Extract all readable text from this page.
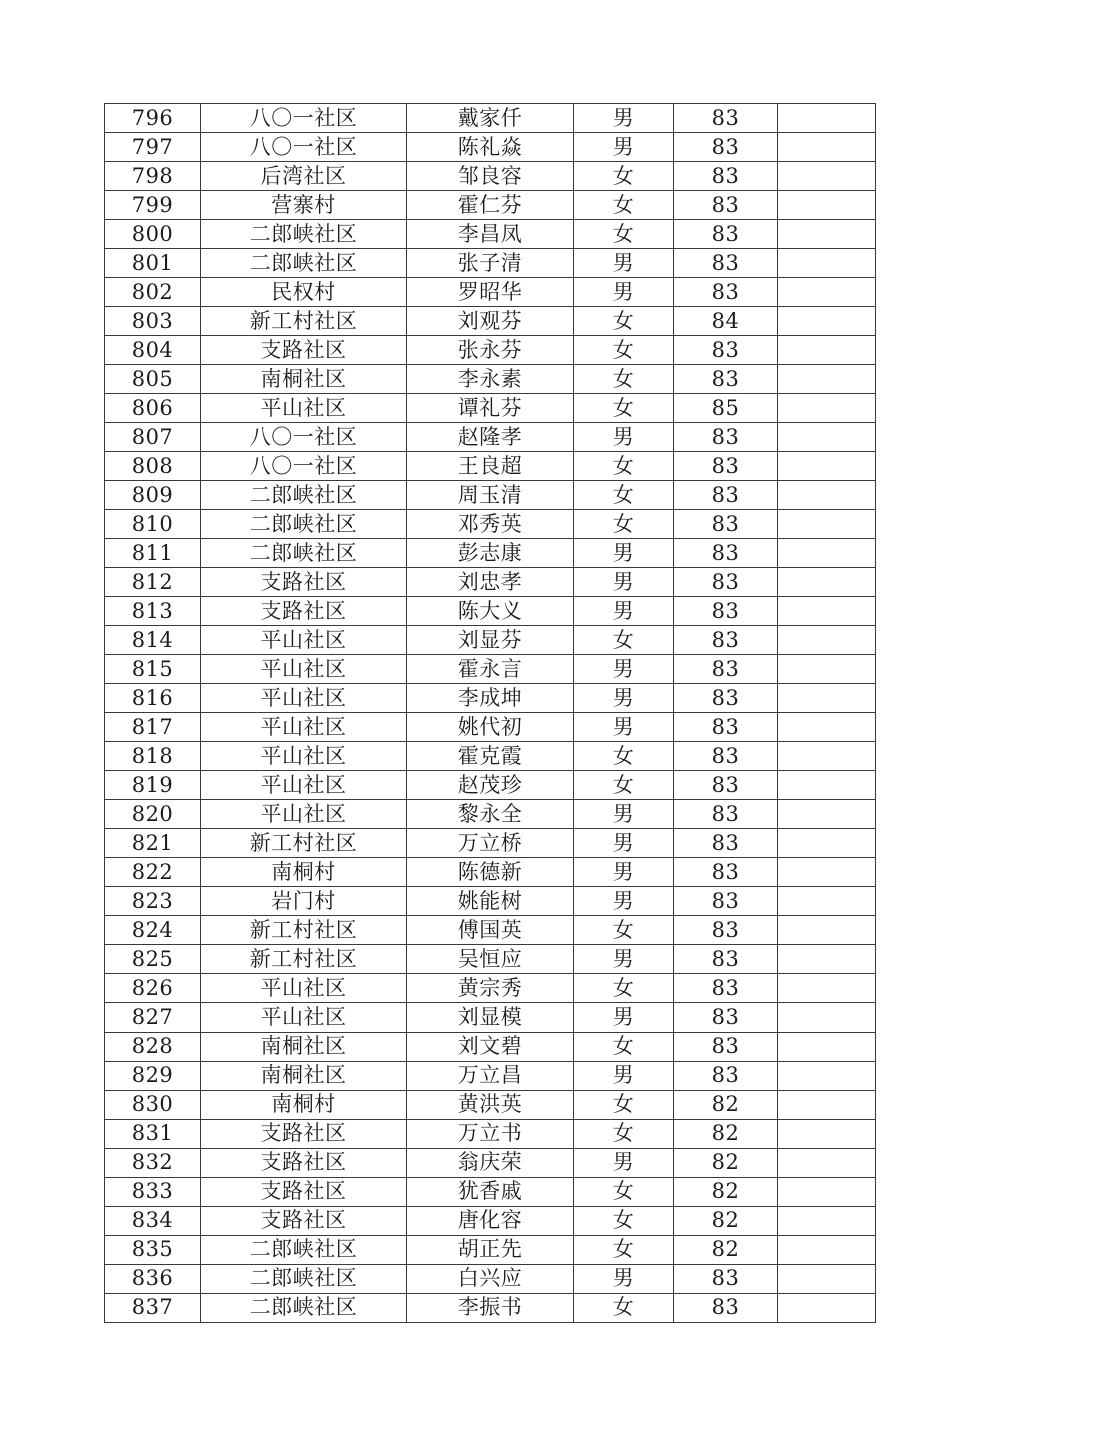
796	八〇一社区	戴家仟	男	83	
797	八〇一社区	陈礼焱	男	83	
798	后湾社区	邹良容	女	83	
799	营寨村	霍仁芬	女	83	
800	二郎峡社区	李昌凤	女	83	
801	二郎峡社区	张子清	男	83	
802	民权村	罗昭华	男	83	
803	新工村社区	刘观芬	女	84	
804	支路社区	张永芬	女	83	
805	南桐社区	李永素	女	83	
806	平山社区	谭礼芬	女	85	
807	八〇一社区	赵隆孝	男	83	
808	八〇一社区	王良超	女	83	
809	二郎峡社区	周玉清	女	83	
810	二郎峡社区	邓秀英	女	83	
811	二郎峡社区	彭志康	男	83	
812	支路社区	刘忠孝	男	83	
813	支路社区	陈大义	男	83	
814	平山社区	刘显芬	女	83	
815	平山社区	霍永言	男	83	
816	平山社区	李成坤	男	83	
817	平山社区	姚代初	男	83	
818	平山社区	霍克霞	女	83	
819	平山社区	赵茂珍	女	83	
820	平山社区	黎永全	男	83	
821	新工村社区	万立桥	男	83	
822	南桐村	陈德新	男	83	
823	岩门村	姚能树	男	83	
824	新工村社区	傅国英	女	83	
825	新工村社区	吴恒应	男	83	
826	平山社区	黄宗秀	女	83	
827	平山社区	刘显模	男	83	
828	南桐社区	刘文碧	女	83	
829	南桐社区	万立昌	男	83	
830	南桐村	黄洪英	女	82	
831	支路社区	万立书	女	82	
832	支路社区	翁庆荣	男	82	
833	支路社区	犹香戚	女	82	
834	支路社区	唐化容	女	82	
835	二郎峡社区	胡正先	女	82	
836	二郎峡社区	白兴应	男	83	
837	二郎峡社区	李振书	女	83	
